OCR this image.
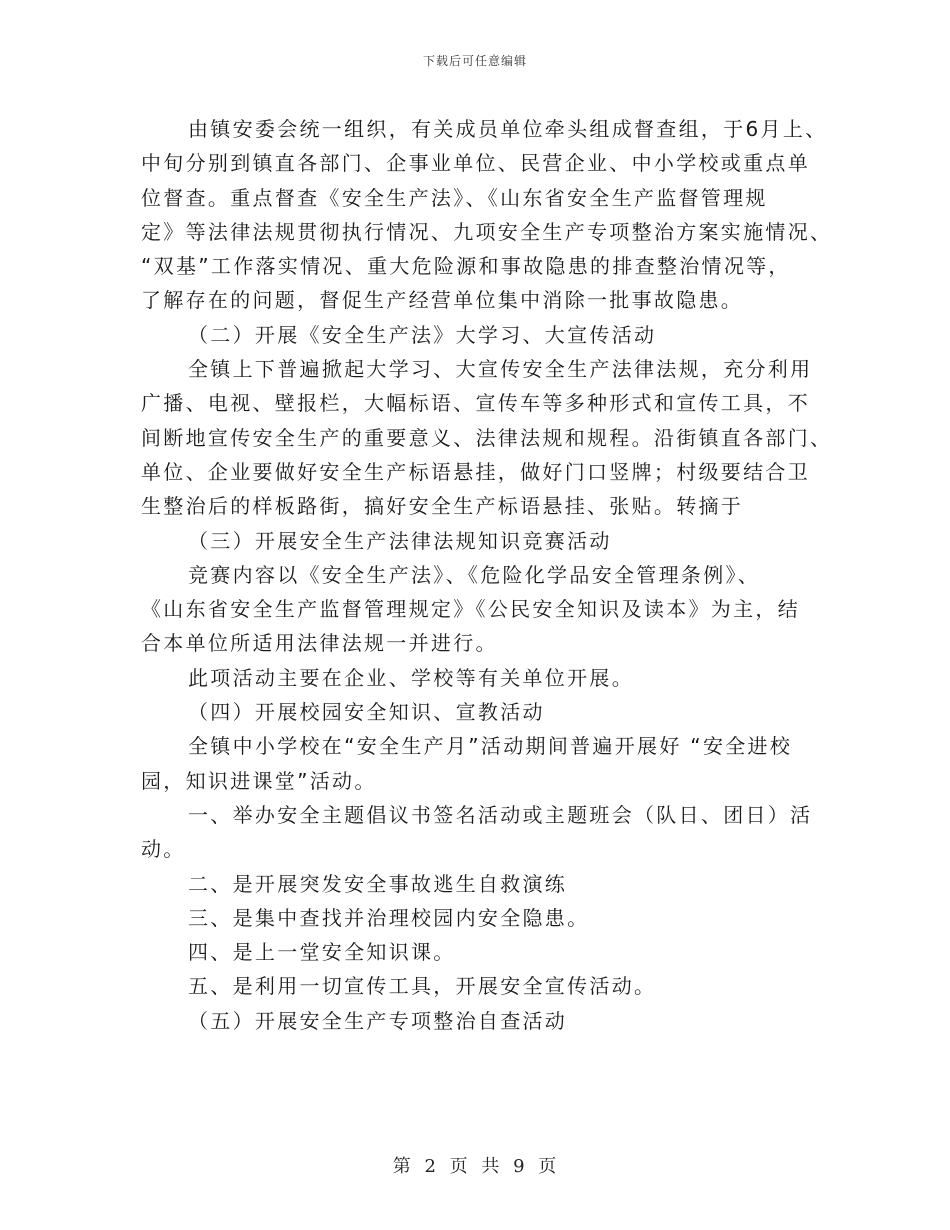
下载后可任意编辑

由镇安委会统一组织，有关成员单位牵头组成督查组，于6月上、

中旬分别到镇直各部门、企事业单位、民营企业、中小学校或重点单

位督查。重点督查《安全生产法》、《山东省安全生产监督管理规

定》等法律法规贯彻执行情况、九项安全生产专项整治方案实施情况、

“双基”工作落实情况、重大危险源和事故隐患的排查整治情况等，

了解存在的问题，督促生产经营单位集中消除一批事故隐患。

（二）开展《安全生产法》大学习、大宣传活动

全镇上下普遍掀起大学习、大宣传安全生产法律法规，充分利用

广播、电视、壁报栏，大幅标语、宣传车等多种形式和宣传工具，不

间断地宣传安全生产的重要意义、法律法规和规程。沿街镇直各部门、

单位、企业要做好安全生产标语悬挂，做好门口竖牌；村级要结合卫

生整治后的样板路街，搞好安全生产标语悬挂、张贴。转摘于

（三）开展安全生产法律法规知识竞赛活动

竞赛内容以《安全生产法》、《危险化学品安全管理条例》、

《山东省安全生产监督管理规定》《公民安全知识及读本》为主，结

合本单位所适用法律法规一并进行。

此项活动主要在企业、学校等有关单位开展。

（四）开展校园安全知识、宣教活动

全镇中小学校在“安全生产月”活动期间普遍开展好 “安全进校

园，知识进课堂”活动。

一、举办安全主题倡议书签名活动或主题班会（队日、团日）活

动。

二、是开展突发安全事故逃生自救演练

三、是集中查找并治理校园内安全隐患。

四、是上一堂安全知识课。

五、是利用一切宣传工具，开展安全宣传活动。

（五）开展安全生产专项整治自查活动

第 2 页 共 9 页
